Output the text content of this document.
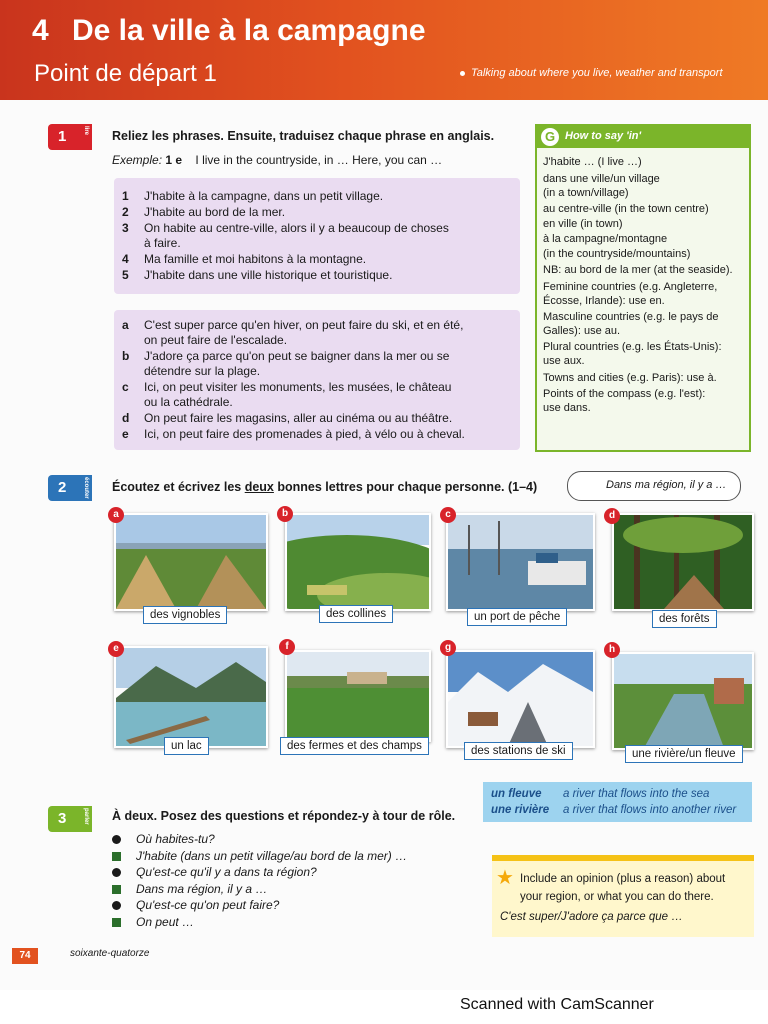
4 De la ville à la campagne
Point de départ 1	Talking about where you live, weather and transport
1	lire Reliez les phrases. Ensuite, traduisez chaque phrase en anglais.
Exemple: 1 e I live in the countryside, in … Here, you can …
1	J'habite à la campagne, dans un petit village.
2	J'habite au bord de la mer.
3	On habite au centre-ville, alors il y a beaucoup de choses
à faire.
4	Ma famille et moi habitons à la montagne.
5	J'habite dans une ville historique et touristique.
a	C'est super parce qu'en hiver, on peut faire du ski, et en été,
on peut faire de l'escalade.
b	J'adore ça parce qu'on peut se baigner dans la mer ou se
détendre sur la plage.
c	Ici, on peut visiter les monuments, les musées, le château
ou la cathédrale.
d	On peut faire les magasins, aller au cinéma ou au théâtre.
e	Ici, on peut faire des promenades à pied, à vélo ou à cheval.
G How to say 'in'
J'habite … (I live …)
dans une ville/un village
(in a town/village)
au centre-ville (in the town centre)
en ville (in town)
à la campagne/montagne
(in the countryside/mountains)
NB: au bord de la mer (at the seaside).
Feminine countries (e.g. Angleterre,
Écosse, Irlande): use en.
Masculine countries (e.g. le pays de
Galles): use au.
Plural countries (e.g. les États-Unis):
use aux.
Towns and cities (e.g. Paris): use à.
Points of the compass (e.g. l'est):
use dans.
2	écouter Écoutez et écrivez les deux bonnes lettres pour chaque personne. (1–4)	Dans ma région, il y a …
a
des vignobles
b
des collines
c
un port de pêche
d
des forêts
e
un lac
f
des fermes et des champs
g
des stations de ski
h
une rivière/un fleuve
un fleuve a river that flows into the sea
une rivière a river that flows into another river
3	parler À deux. Posez des questions et répondez-y à tour de rôle.
Où habites-tu?
J'habite (dans un petit village/au bord de la mer) …
Qu'est-ce qu'il y a dans ta région?
Dans ma région, il y a …
Qu'est-ce qu'on peut faire?
On peut …
★ Include an opinion (plus a reason) about
your region, or what you can do there.
C'est super/J'adore ça parce que …
74	soixante-quatorze
Scanned with CamScanner
